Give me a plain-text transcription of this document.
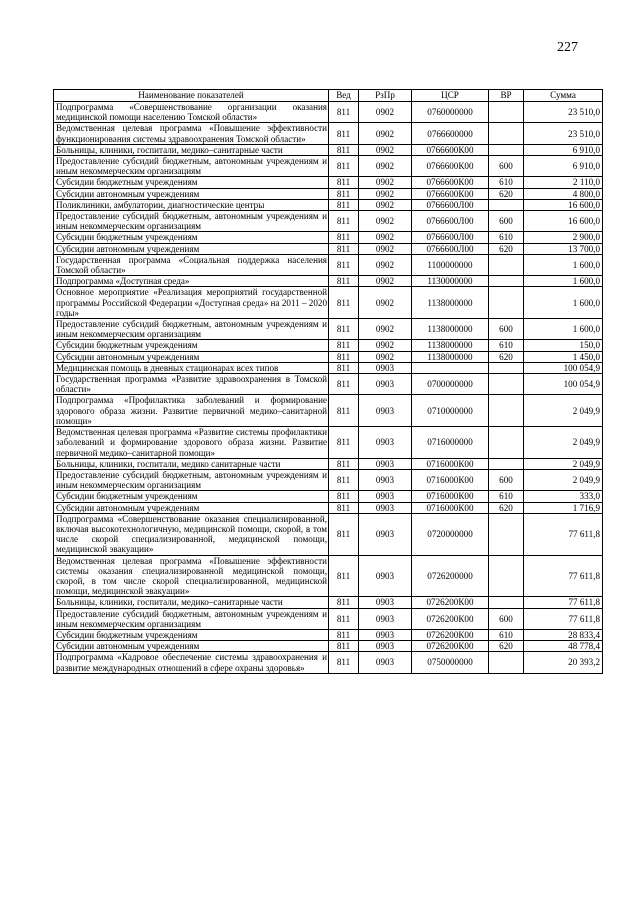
227
Наименование показателей	Вед	РзПр	ЦСР	ВР	Сумма
Подпрограмма «Совершенствование организации оказания медицинской помощи населению Томской области»	811	0902	0760000000		23 510,0
Ведомственная целевая программа «Повышение эффективности функционирования системы здравоохранения Томской области»	811	0902	0766600000		23 510,0
Больницы, клиники, госпитали, медико–санитарные части	811	0902	0766600К00		6 910,0
Предоставление субсидий бюджетным, автономным учреждениям и иным некоммерческим организациям	811	0902	0766600К00	600	6 910,0
Субсидии бюджетным учреждениям	811	0902	0766600К00	610	2 110,0
Субсидии автономным учреждениям	811	0902	0766600К00	620	4 800,0
Поликлиники, амбулатории, диагностические центры	811	0902	0766600Л00		16 600,0
Предоставление субсидий бюджетным, автономным учреждениям и иным некоммерческим организациям	811	0902	0766600Л00	600	16 600,0
Субсидии бюджетным учреждениям	811	0902	0766600Л00	610	2 900,0
Субсидии автономным учреждениям	811	0902	0766600Л00	620	13 700,0
Государственная программа «Социальная поддержка населения Томской области»	811	0902	1100000000		1 600,0
Подпрограмма «Доступная среда»	811	0902	1130000000		1 600,0
Основное мероприятие «Реализация мероприятий государственной программы Российской Федерации «Доступная среда» на 2011 – 2020 годы»	811	0902	1138000000		1 600,0
Предоставление субсидий бюджетным, автономным учреждениям и иным некоммерческим организациям	811	0902	1138000000	600	1 600,0
Субсидии бюджетным учреждениям	811	0902	1138000000	610	150,0
Субсидии автономным учреждениям	811	0902	1138000000	620	1 450,0
Медицинская помощь в дневных стационарах всех типов	811	0903			100 054,9
Государственная программа «Развитие здравоохранения в Томской области»	811	0903	0700000000		100 054,9
Подпрограмма «Профилактика заболеваний и формирование здорового образа жизни. Развитие первичной медико–санитарной помощи»	811	0903	0710000000		2 049,9
Ведомственная целевая программа «Развитие системы профилактики заболеваний и формирование здорового образа жизни. Развитие первичной медико–санитарной помощи»	811	0903	0716000000		2 049,9
Больницы, клиники, госпитали, медико санитарные части	811	0903	0716000К00		2 049,9
Предоставление субсидий бюджетным, автономным учреждениям и иным некоммерческим организациям	811	0903	0716000К00	600	2 049,9
Субсидии бюджетным учреждениям	811	0903	0716000К00	610	333,0
Субсидии автономным учреждениям	811	0903	0716000К00	620	1 716,9
Подпрограмма «Совершенствование оказания специализированной, включая высокотехнологичную, медицинской помощи, скорой, в том числе скорой специализированной, медицинской помощи, медицинской эвакуации»	811	0903	0720000000		77 611,8
Ведомственная целевая программа «Повышение эффективности системы оказания специализированной медицинской помощи, скорой, в том числе скорой специализированной, медицинской помощи, медицинской эвакуации»	811	0903	0726200000		77 611,8
Больницы, клиники, госпитали, медико–санитарные части	811	0903	0726200К00		77 611,8
Предоставление субсидий бюджетным, автономным учреждениям и иным некоммерческим организациям	811	0903	0726200К00	600	77 611,8
Субсидии бюджетным учреждениям	811	0903	0726200К00	610	28 833,4
Субсидии автономным учреждениям	811	0903	0726200К00	620	48 778,4
Подпрограмма «Кадровое обеспечение системы здравоохранения и развитие международных отношений в сфере охраны здоровья»	811	0903	0750000000		20 393,2
